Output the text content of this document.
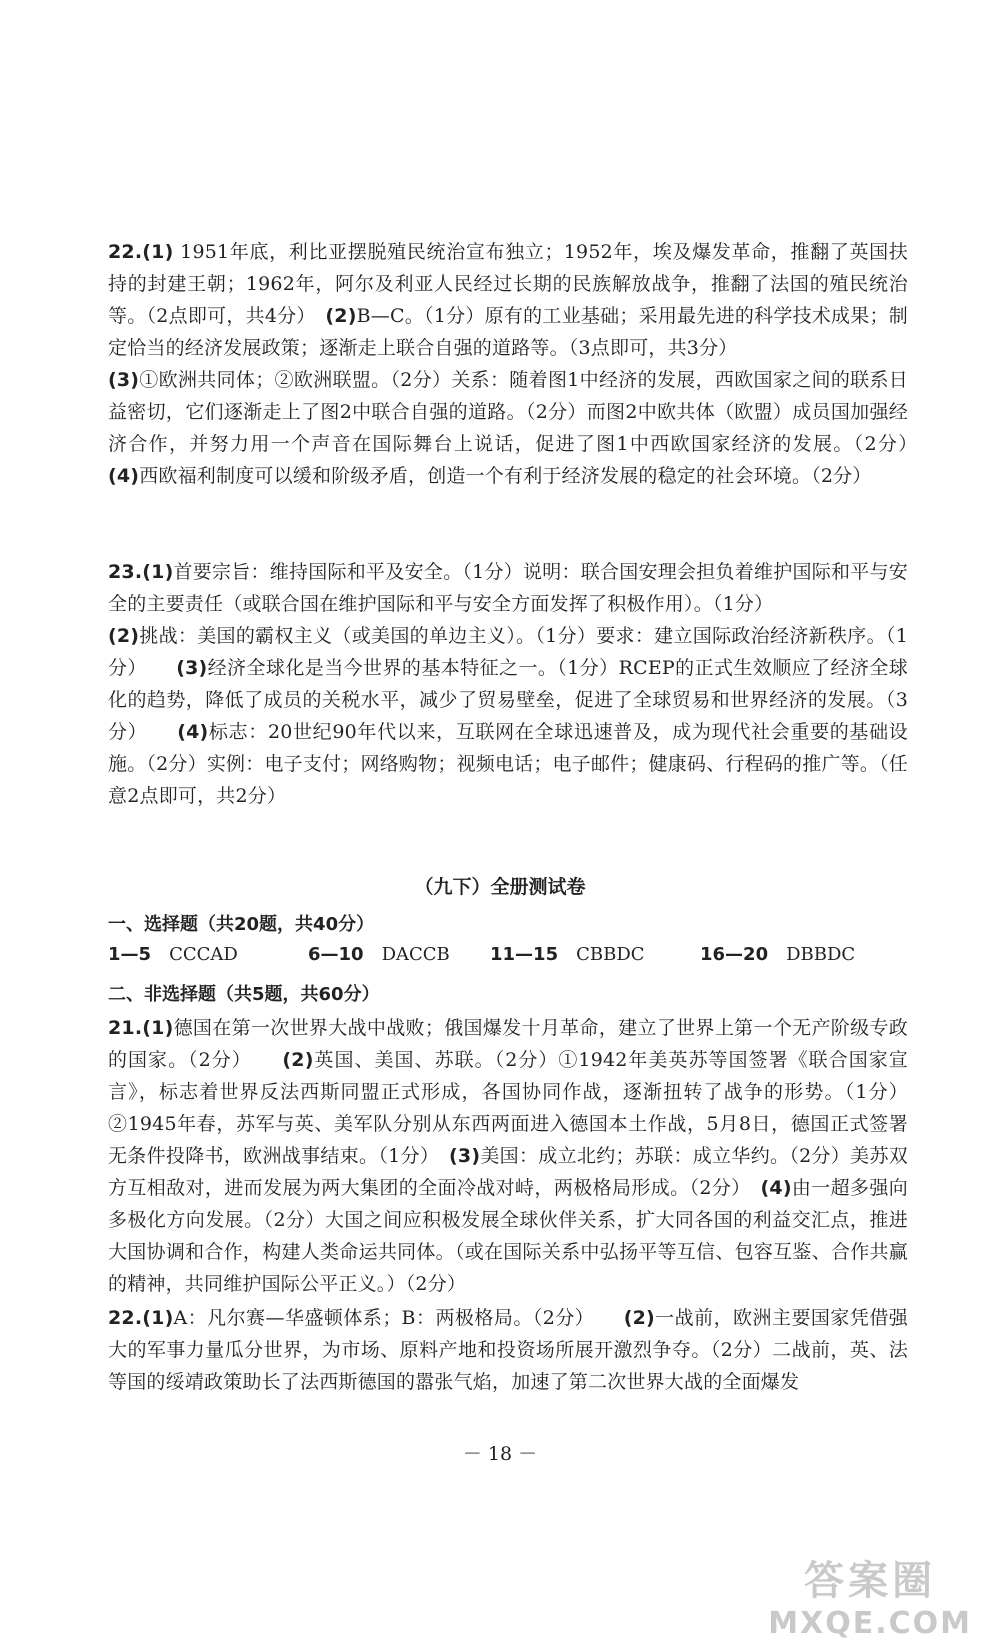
22.(1) 1951年底，利比亚摆脱殖民统治宣布独立；1952年，埃及爆发革命，推翻了英国扶持的封建王朝；1962年，阿尔及利亚人民经过长期的民族解放战争，推翻了法国的殖民统治等。（2点即可，共4分）　(2)B—C。（1分）原有的工业基础；采用最先进的科学技术成果；制定恰当的经济发展政策；逐渐走上联合自强的道路等。（3点即可，共3分）
(3)①欧洲共同体；②欧洲联盟。（2分）关系：随着图1中经济的发展，西欧国家之间的联系日益密切，它们逐渐走上了图2中联合自强的道路。（2分）而图2中欧共体（欧盟）成员国加强经济合作，并努力用一个声音在国际舞台上说话，促进了图1中西欧国家经济的发展。（2分）　(4)西欧福利制度可以缓和阶级矛盾，创造一个有利于经济发展的稳定的社会环境。（2分）

23.(1)首要宗旨：维持国际和平及安全。（1分）说明：联合国安理会担负着维护国际和平与安全的主要责任（或联合国在维护国际和平与安全方面发挥了积极作用）。（1分）
(2)挑战：美国的霸权主义（或美国的单边主义）。（1分）要求：建立国际政治经济新秩序。（1分）　　(3)经济全球化是当今世界的基本特征之一。（1分）RCEP的正式生效顺应了经济全球化的趋势，降低了成员的关税水平，减少了贸易壁垒，促进了全球贸易和世界经济的发展。（3分）　　(4)标志：20世纪90年代以来，互联网在全球迅速普及，成为现代社会重要的基础设施。（2分）实例：电子支付；网络购物；视频电话；电子邮件；健康码、行程码的推广等。（任意2点即可，共2分）

（九下）全册测试卷
一、选择题（共20题，共40分）
1—5 CCCAD	6—10 DACCB 11—15 CBBDC	16—20 DBBDC
二、非选择题（共5题，共60分）

21.(1)德国在第一次世界大战中战败；俄国爆发十月革命，建立了世界上第一个无产阶级专政的国家。（2分）　　(2)英国、美国、苏联。（2分）①1942年美英苏等国签署《联合国家宣言》，标志着世界反法西斯同盟正式形成，各国协同作战，逐渐扭转了战争的形势。（1分）②1945年春，苏军与英、美军队分别从东西两面进入德国本土作战，5月8日，德国正式签署无条件投降书，欧洲战事结束。（1分）　(3)美国：成立北约；苏联：成立华约。（2分）美苏双方互相敌对，进而发展为两大集团的全面冷战对峙，两极格局形成。（2分）　(4)由一超多强向多极化方向发展。（2分）大国之间应积极发展全球伙伴关系，扩大同各国的利益交汇点，推进大国协调和合作，构建人类命运共同体。（或在国际关系中弘扬平等互信、包容互鉴、合作共赢的精神，共同维护国际公平正义。）（2分）

22.(1)A：凡尔赛—华盛顿体系；B：两极格局。（2分）　　(2)一战前，欧洲主要国家凭借强大的军事力量瓜分世界，为市场、原料产地和投资场所展开激烈争夺。（2分）二战前，英、法等国的绥靖政策助长了法西斯德国的嚣张气焰，加速了第二次世界大战的全面爆发

－ 18 －
答案圈
MXQE.COM
